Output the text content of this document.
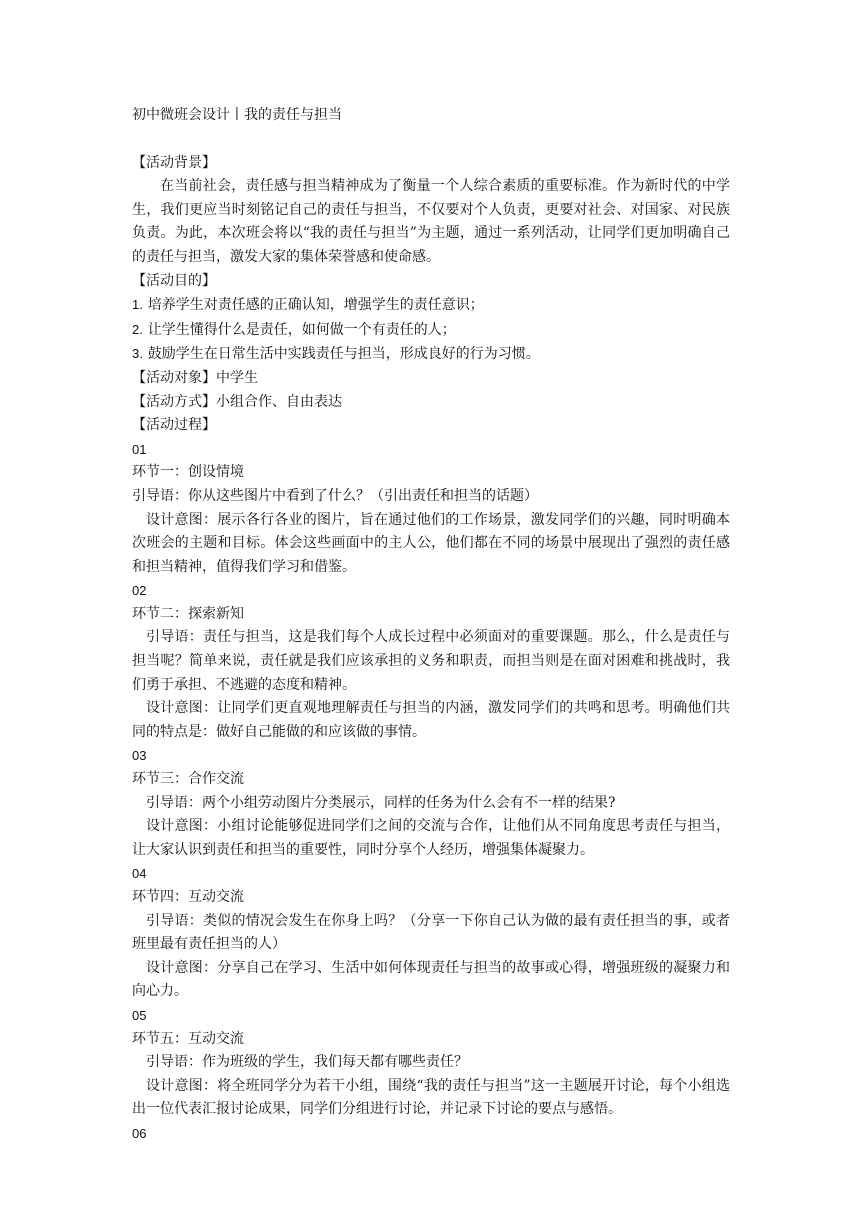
初中微班会设计丨我的责任与担当

【活动背景】

在当前社会，责任感与担当精神成为了衡量一个人综合素质的重要标准。作为新时代的中学生，我们更应当时刻铭记自己的责任与担当，不仅要对个人负责，更要对社会、对国家、对民族负责。为此，本次班会将以“我的责任与担当”为主题，通过一系列活动，让同学们更加明确自己的责任与担当，激发大家的集体荣誉感和使命感。

【活动目的】

1. 培养学生对责任感的正确认知，增强学生的责任意识；

2. 让学生懂得什么是责任，如何做一个有责任的人；

3. 鼓励学生在日常生活中实践责任与担当，形成良好的行为习惯。

【活动对象】中学生

【活动方式】小组合作、自由表达

【活动过程】

01

环节一：创设情境

引导语：你从这些图片中看到了什么？（引出责任和担当的话题）

设计意图：展示各行各业的图片，旨在通过他们的工作场景，激发同学们的兴趣，同时明确本次班会的主题和目标。体会这些画面中的主人公，他们都在不同的场景中展现出了强烈的责任感和担当精神，值得我们学习和借鉴。

02

环节二：探索新知

引导语：责任与担当，这是我们每个人成长过程中必须面对的重要课题。那么，什么是责任与担当呢？简单来说，责任就是我们应该承担的义务和职责，而担当则是在面对困难和挑战时，我们勇于承担、不逃避的态度和精神。

设计意图：让同学们更直观地理解责任与担当的内涵，激发同学们的共鸣和思考。明确他们共同的特点是：做好自己能做的和应该做的事情。

03

环节三：合作交流

引导语：两个小组劳动图片分类展示，同样的任务为什么会有不一样的结果?

设计意图：小组讨论能够促进同学们之间的交流与合作，让他们从不同角度思考责任与担当，让大家认识到责任和担当的重要性，同时分享个人经历，增强集体凝聚力。

04

环节四：互动交流

引导语：类似的情况会发生在你身上吗？（分享一下你自己认为做的最有责任担当的事，或者班里最有责任担当的人）

设计意图：分享自己在学习、生活中如何体现责任与担当的故事或心得，增强班级的凝聚力和向心力。

05

环节五：互动交流

引导语：作为班级的学生，我们每天都有哪些责任？

设计意图：将全班同学分为若干小组，围绕“我的责任与担当”这一主题展开讨论，每个小组选出一位代表汇报讨论成果，同学们分组进行讨论，并记录下讨论的要点与感悟。

06
